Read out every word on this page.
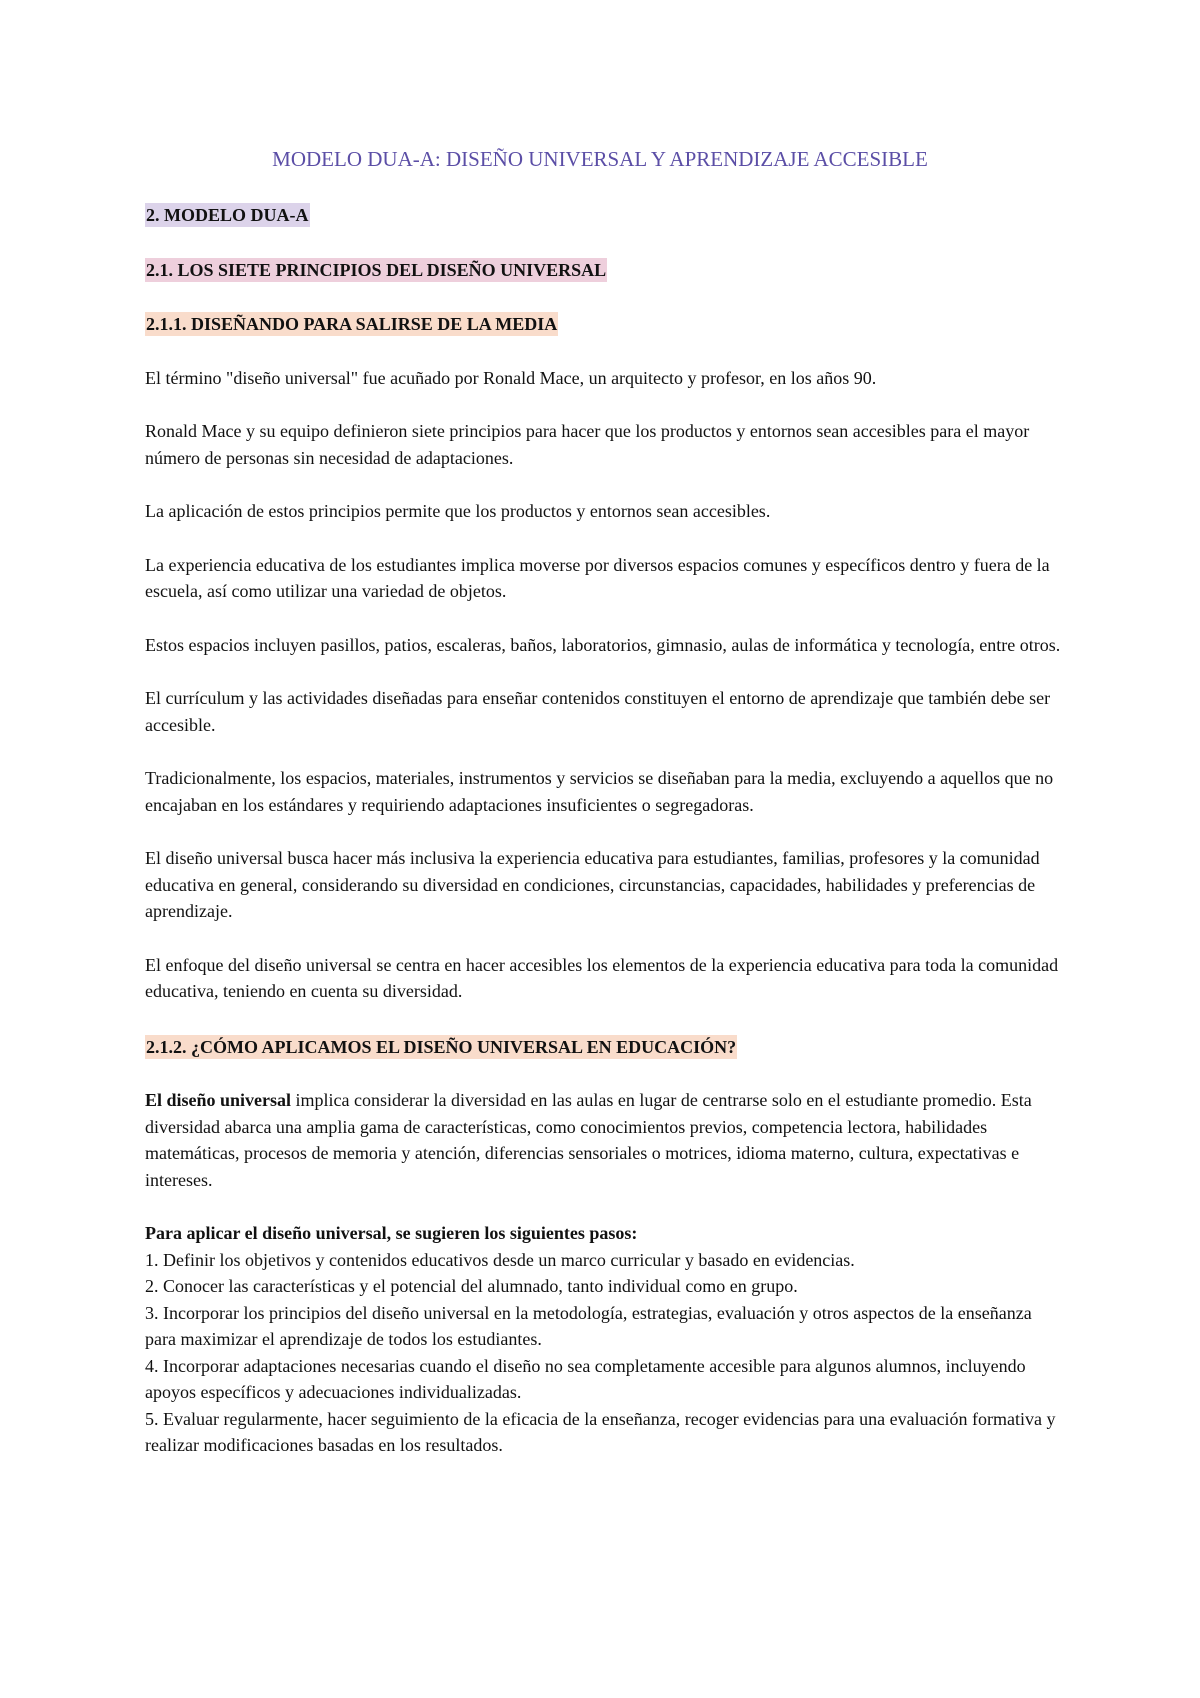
MODELO DUA-A: DISEÑO UNIVERSAL Y APRENDIZAJE ACCESIBLE
2. MODELO DUA-A
2.1. LOS SIETE PRINCIPIOS DEL DISEÑO UNIVERSAL
2.1.1. DISEÑANDO PARA SALIRSE DE LA MEDIA

El término "diseño universal" fue acuñado por Ronald Mace, un arquitecto y profesor, en los años 90.

Ronald Mace y su equipo definieron siete principios para hacer que los productos y entornos sean accesibles para el mayor número de personas sin necesidad de adaptaciones.

La aplicación de estos principios permite que los productos y entornos sean accesibles.

La experiencia educativa de los estudiantes implica moverse por diversos espacios comunes y específicos dentro y fuera de la escuela, así como utilizar una variedad de objetos.

Estos espacios incluyen pasillos, patios, escaleras, baños, laboratorios, gimnasio, aulas de informática y tecnología, entre otros.

El currículum y las actividades diseñadas para enseñar contenidos constituyen el entorno de aprendizaje que también debe ser accesible.

Tradicionalmente, los espacios, materiales, instrumentos y servicios se diseñaban para la media, excluyendo a aquellos que no encajaban en los estándares y requiriendo adaptaciones insuficientes o segregadoras.

El diseño universal busca hacer más inclusiva la experiencia educativa para estudiantes, familias, profesores y la comunidad educativa en general, considerando su diversidad en condiciones, circunstancias, capacidades, habilidades y preferencias de aprendizaje.

El enfoque del diseño universal se centra en hacer accesibles los elementos de la experiencia educativa para toda la comunidad educativa, teniendo en cuenta su diversidad.

2.1.2. ¿CÓMO APLICAMOS EL DISEÑO UNIVERSAL EN EDUCACIÓN?

El diseño universal implica considerar la diversidad en las aulas en lugar de centrarse solo en el estudiante promedio. Esta diversidad abarca una amplia gama de características, como conocimientos previos, competencia lectora, habilidades matemáticas, procesos de memoria y atención, diferencias sensoriales o motrices, idioma materno, cultura, expectativas e intereses.

Para aplicar el diseño universal, se sugieren los siguientes pasos:

1. Definir los objetivos y contenidos educativos desde un marco curricular y basado en evidencias.
2. Conocer las características y el potencial del alumnado, tanto individual como en grupo.
3. Incorporar los principios del diseño universal en la metodología, estrategias, evaluación y otros aspectos de la enseñanza para maximizar el aprendizaje de todos los estudiantes.
4. Incorporar adaptaciones necesarias cuando el diseño no sea completamente accesible para algunos alumnos, incluyendo apoyos específicos y adecuaciones individualizadas.
5. Evaluar regularmente, hacer seguimiento de la eficacia de la enseñanza, recoger evidencias para una evaluación formativa y realizar modificaciones basadas en los resultados.
